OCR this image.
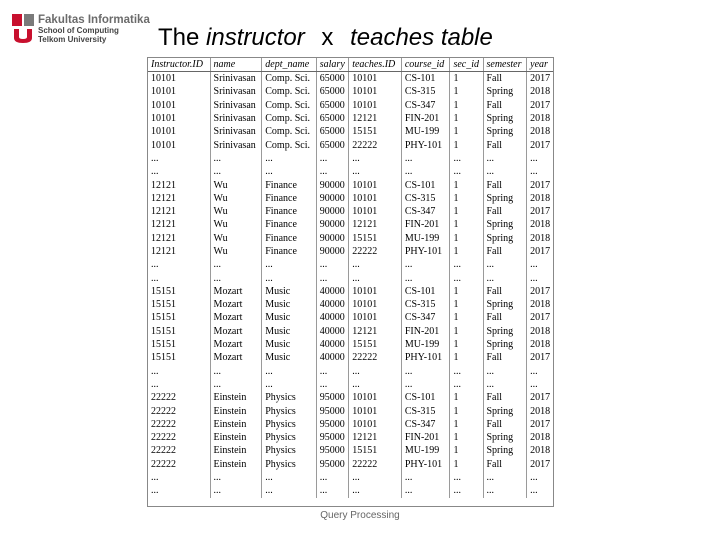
Fakultas Informatika
School of Computing
Telkom University	The instructor x teaches table
Instructor.ID	name	dept_name	salary	teaches.ID	course_id	sec_id	semester	year
10101	Srinivasan	Comp. Sci.	65000	10101	CS-101	1	Fall	2017
10101	Srinivasan	Comp. Sci.	65000	10101	CS-315	1	Spring	2018
10101	Srinivasan	Comp. Sci.	65000	10101	CS-347	1	Fall	2017
10101	Srinivasan	Comp. Sci.	65000	12121	FIN-201	1	Spring	2018
10101	Srinivasan	Comp. Sci.	65000	15151	MU-199	1	Spring	2018
10101	Srinivasan	Comp. Sci.	65000	22222	PHY-101	1	Fall	2017
...	...	...	...	...	...	...	...	...
...	...	...	...	...	...	...	...	...
12121	Wu	Finance	90000	10101	CS-101	1	Fall	2017
12121	Wu	Finance	90000	10101	CS-315	1	Spring	2018
12121	Wu	Finance	90000	10101	CS-347	1	Fall	2017
12121	Wu	Finance	90000	12121	FIN-201	1	Spring	2018
12121	Wu	Finance	90000	15151	MU-199	1	Spring	2018
12121	Wu	Finance	90000	22222	PHY-101	1	Fall	2017
...	...	...	...	...	...	...	...	...
...	...	...	...	...	...	...	...	...
15151	Mozart	Music	40000	10101	CS-101	1	Fall	2017
15151	Mozart	Music	40000	10101	CS-315	1	Spring	2018
15151	Mozart	Music	40000	10101	CS-347	1	Fall	2017
15151	Mozart	Music	40000	12121	FIN-201	1	Spring	2018
15151	Mozart	Music	40000	15151	MU-199	1	Spring	2018
15151	Mozart	Music	40000	22222	PHY-101	1	Fall	2017
...	...	...	...	...	...	...	...	...
...	...	...	...	...	...	...	...	...
22222	Einstein	Physics	95000	10101	CS-101	1	Fall	2017
22222	Einstein	Physics	95000	10101	CS-315	1	Spring	2018
22222	Einstein	Physics	95000	10101	CS-347	1	Fall	2017
22222	Einstein	Physics	95000	12121	FIN-201	1	Spring	2018
22222	Einstein	Physics	95000	15151	MU-199	1	Spring	2018
22222	Einstein	Physics	95000	22222	PHY-101	1	Fall	2017
...	...	...	...	...	...	...	...	...
...	...	...	...	...	...	...	...	...
Query Processing
